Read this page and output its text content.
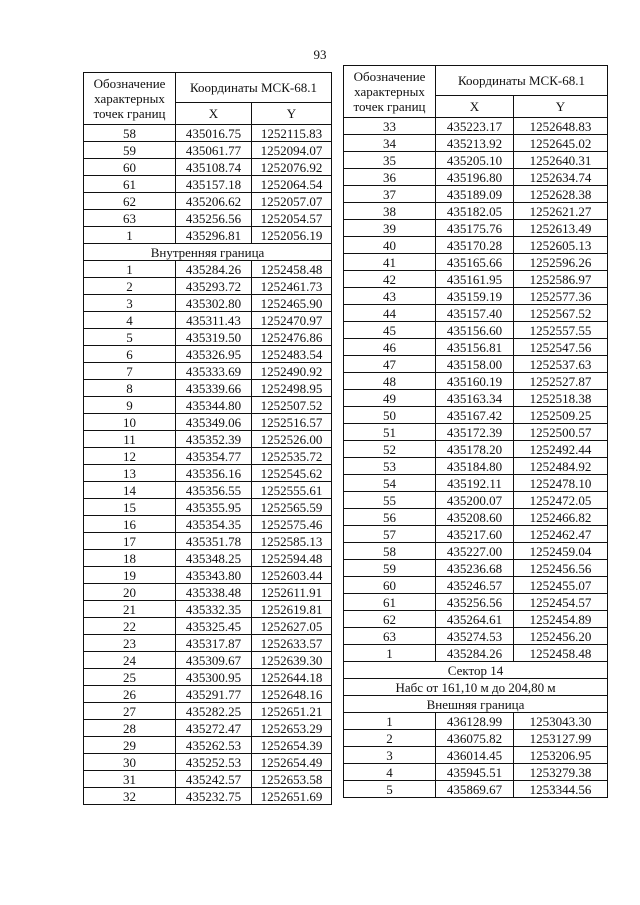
93
Обозначение характерных точек границ	Координаты МСК-68.1	
	X	Y
58	435016.75	1252115.83
59	435061.77	1252094.07
60	435108.74	1252076.92
61	435157.18	1252064.54
62	435206.62	1252057.07
63	435256.56	1252054.57
1	435296.81	1252056.19
Внутренняя граница		
1	435284.26	1252458.48
2	435293.72	1252461.73
3	435302.80	1252465.90
4	435311.43	1252470.97
5	435319.50	1252476.86
6	435326.95	1252483.54
7	435333.69	1252490.92
8	435339.66	1252498.95
9	435344.80	1252507.52
10	435349.06	1252516.57
11	435352.39	1252526.00
12	435354.77	1252535.72
13	435356.16	1252545.62
14	435356.55	1252555.61
15	435355.95	1252565.59
16	435354.35	1252575.46
17	435351.78	1252585.13
18	435348.25	1252594.48
19	435343.80	1252603.44
20	435338.48	1252611.91
21	435332.35	1252619.81
22	435325.45	1252627.05
23	435317.87	1252633.57
24	435309.67	1252639.30
25	435300.95	1252644.18
26	435291.77	1252648.16
27	435282.25	1252651.21
28	435272.47	1252653.29
29	435262.53	1252654.39
30	435252.53	1252654.49
31	435242.57	1252653.58
32	435232.75	1252651.69
Обозначение характерных точек границ	Координаты МСК-68.1	
	X	Y
33	435223.17	1252648.83
34	435213.92	1252645.02
35	435205.10	1252640.31
36	435196.80	1252634.74
37	435189.09	1252628.38
38	435182.05	1252621.27
39	435175.76	1252613.49
40	435170.28	1252605.13
41	435165.66	1252596.26
42	435161.95	1252586.97
43	435159.19	1252577.36
44	435157.40	1252567.52
45	435156.60	1252557.55
46	435156.81	1252547.56
47	435158.00	1252537.63
48	435160.19	1252527.87
49	435163.34	1252518.38
50	435167.42	1252509.25
51	435172.39	1252500.57
52	435178.20	1252492.44
53	435184.80	1252484.92
54	435192.11	1252478.10
55	435200.07	1252472.05
56	435208.60	1252466.82
57	435217.60	1252462.47
58	435227.00	1252459.04
59	435236.68	1252456.56
60	435246.57	1252455.07
61	435256.56	1252454.57
62	435264.61	1252454.89
63	435274.53	1252456.20
1	435284.26	1252458.48
Сектор 14		
Набс от 161,10 м до 204,80 м		
Внешняя граница		
1	436128.99	1253043.30
2	436075.82	1253127.99
3	436014.45	1253206.95
4	435945.51	1253279.38
5	435869.67	1253344.56
